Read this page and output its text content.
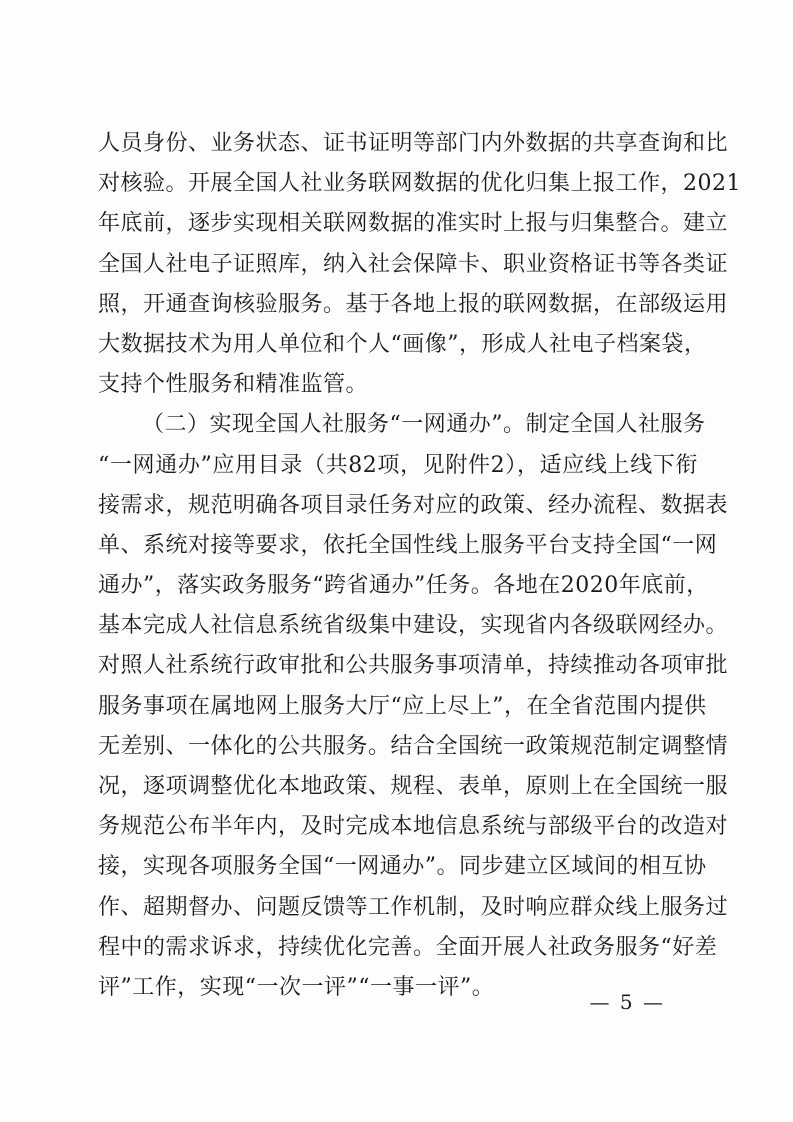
人员身份、业务状态、证书证明等部门内外数据的共享查询和比
对核验。开展全国人社业务联网数据的优化归集上报工作，2021
年底前，逐步实现相关联网数据的准实时上报与归集整合。建立
全国人社电子证照库，纳入社会保障卡、职业资格证书等各类证
照，开通查询核验服务。基于各地上报的联网数据，在部级运用
大数据技术为用人单位和个人“画像”，形成人社电子档案袋，
支持个性服务和精准监管。
（二）实现全国人社服务“一网通办”。制定全国人社服务
“一网通办”应用目录（共82项，见附件2），适应线上线下衔
接需求，规范明确各项目录任务对应的政策、经办流程、数据表
单、系统对接等要求，依托全国性线上服务平台支持全国“一网
通办”，落实政务服务“跨省通办”任务。各地在2020年底前，
基本完成人社信息系统省级集中建设，实现省内各级联网经办。
对照人社系统行政审批和公共服务事项清单，持续推动各项审批
服务事项在属地网上服务大厅“应上尽上”，在全省范围内提供
无差别、一体化的公共服务。结合全国统一政策规范制定调整情
况，逐项调整优化本地政策、规程、表单，原则上在全国统一服
务规范公布半年内，及时完成本地信息系统与部级平台的改造对
接，实现各项服务全国“一网通办”。同步建立区域间的相互协
作、超期督办、问题反馈等工作机制，及时响应群众线上服务过
程中的需求诉求，持续优化完善。全面开展人社政务服务“好差
评”工作，实现“一次一评”“一事一评”。
— 5 —
